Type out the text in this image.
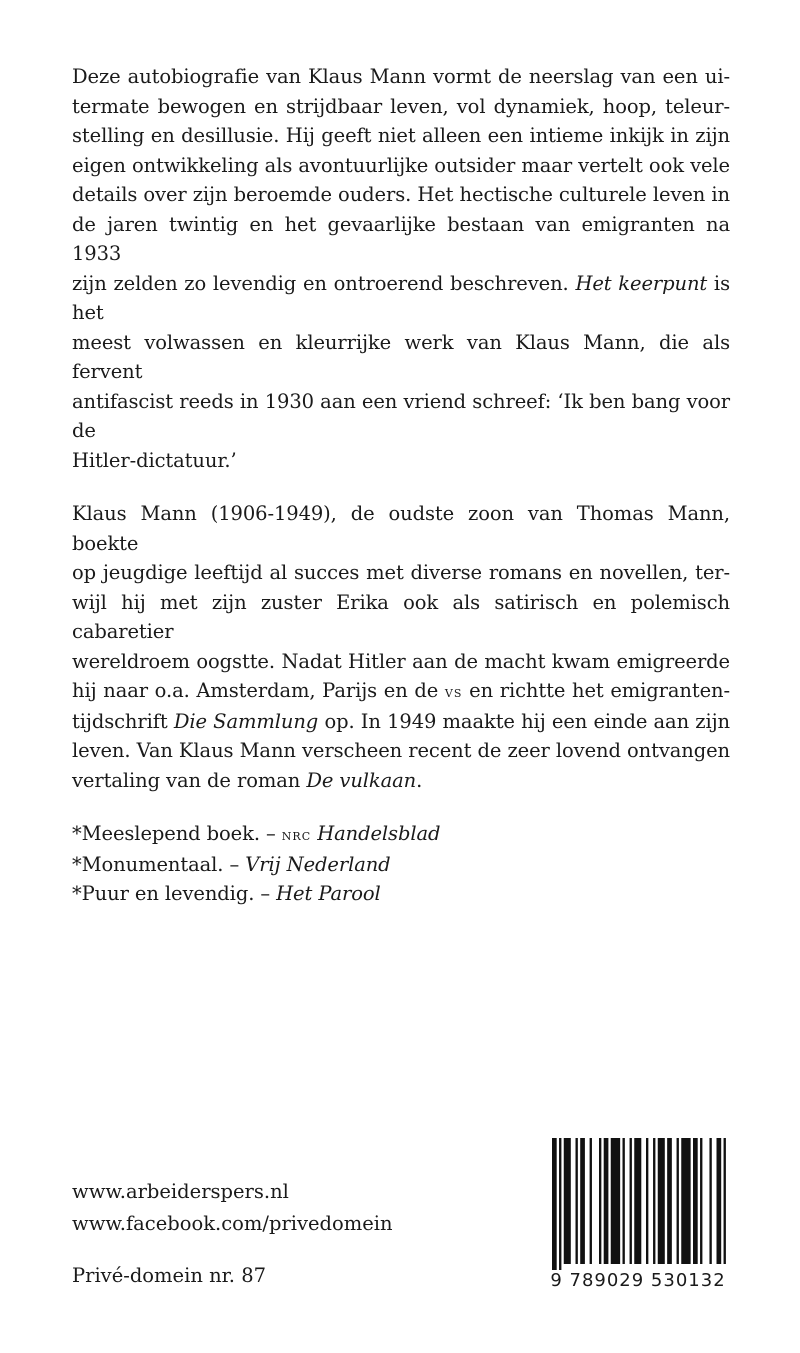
Deze autobiografie van Klaus Mann vormt de neerslag van een ui-
termate bewogen en strijdbaar leven, vol dynamiek, hoop, teleur-
stelling en desillusie. Hij geeft niet alleen een intieme inkijk in zijn
eigen ontwikkeling als avontuurlijke outsider maar vertelt ook vele
details over zijn beroemde ouders. Het hectische culturele leven in
de jaren twintig en het gevaarlijke bestaan van emigranten na 1933
zijn zelden zo levendig en ontroerend beschreven. Het keerpunt is het
meest volwassen en kleurrijke werk van Klaus Mann, die als fervent
antifascist reeds in 1930 aan een vriend schreef: ‘Ik ben bang voor de
Hitler-dictatuur.’
Klaus Mann (1906-1949), de oudste zoon van Thomas Mann, boekte
op jeugdige leeftijd al succes met diverse romans en novellen, ter-
wijl hij met zijn zuster Erika ook als satirisch en polemisch cabaretier
wereldroem oogstte. Nadat Hitler aan de macht kwam emigreerde
hij naar o.a. Amsterdam, Parijs en de vs en richtte het emigranten-
tijdschrift Die Sammlung op. In 1949 maakte hij een einde aan zijn
leven. Van Klaus Mann verscheen recent de zeer lovend ontvangen
vertaling van de roman De vulkaan.
*Meeslepend boek. – nrc Handelsblad
*Monumentaal. – Vrij Nederland
*Puur en levendig. – Het Parool
www.arbeiderspers.nl
www.facebook.com/privedomein
Privé-domein nr. 87	9 789029 530132
